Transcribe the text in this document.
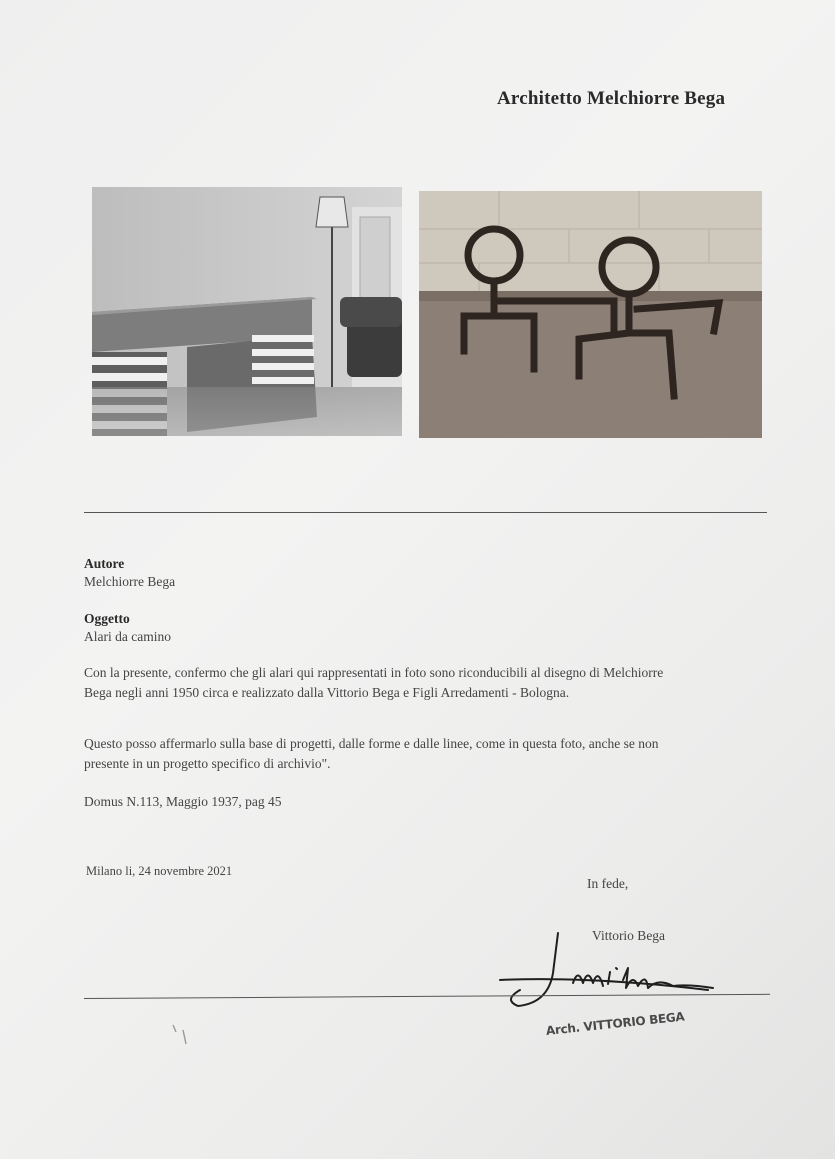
Architetto Melchiorre Bega
Autore
Melchiorre Bega
Oggetto
Alari da camino
Con la presente, confermo che gli alari qui rappresentati in foto sono riconducibili al disegno di Melchiorre
Bega negli anni 1950 circa e realizzato dalla Vittorio Bega e Figli Arredamenti - Bologna.
Questo posso affermarlo sulla base di progetti, dalle forme e dalle linee, come in questa foto, anche se non
presente in un progetto specifico di archivio".
Domus N.113, Maggio 1937, pag 45
Milano li, 24 novembre 2021
In fede,
Vittorio Bega
Arch. VITTORIO BEGA
